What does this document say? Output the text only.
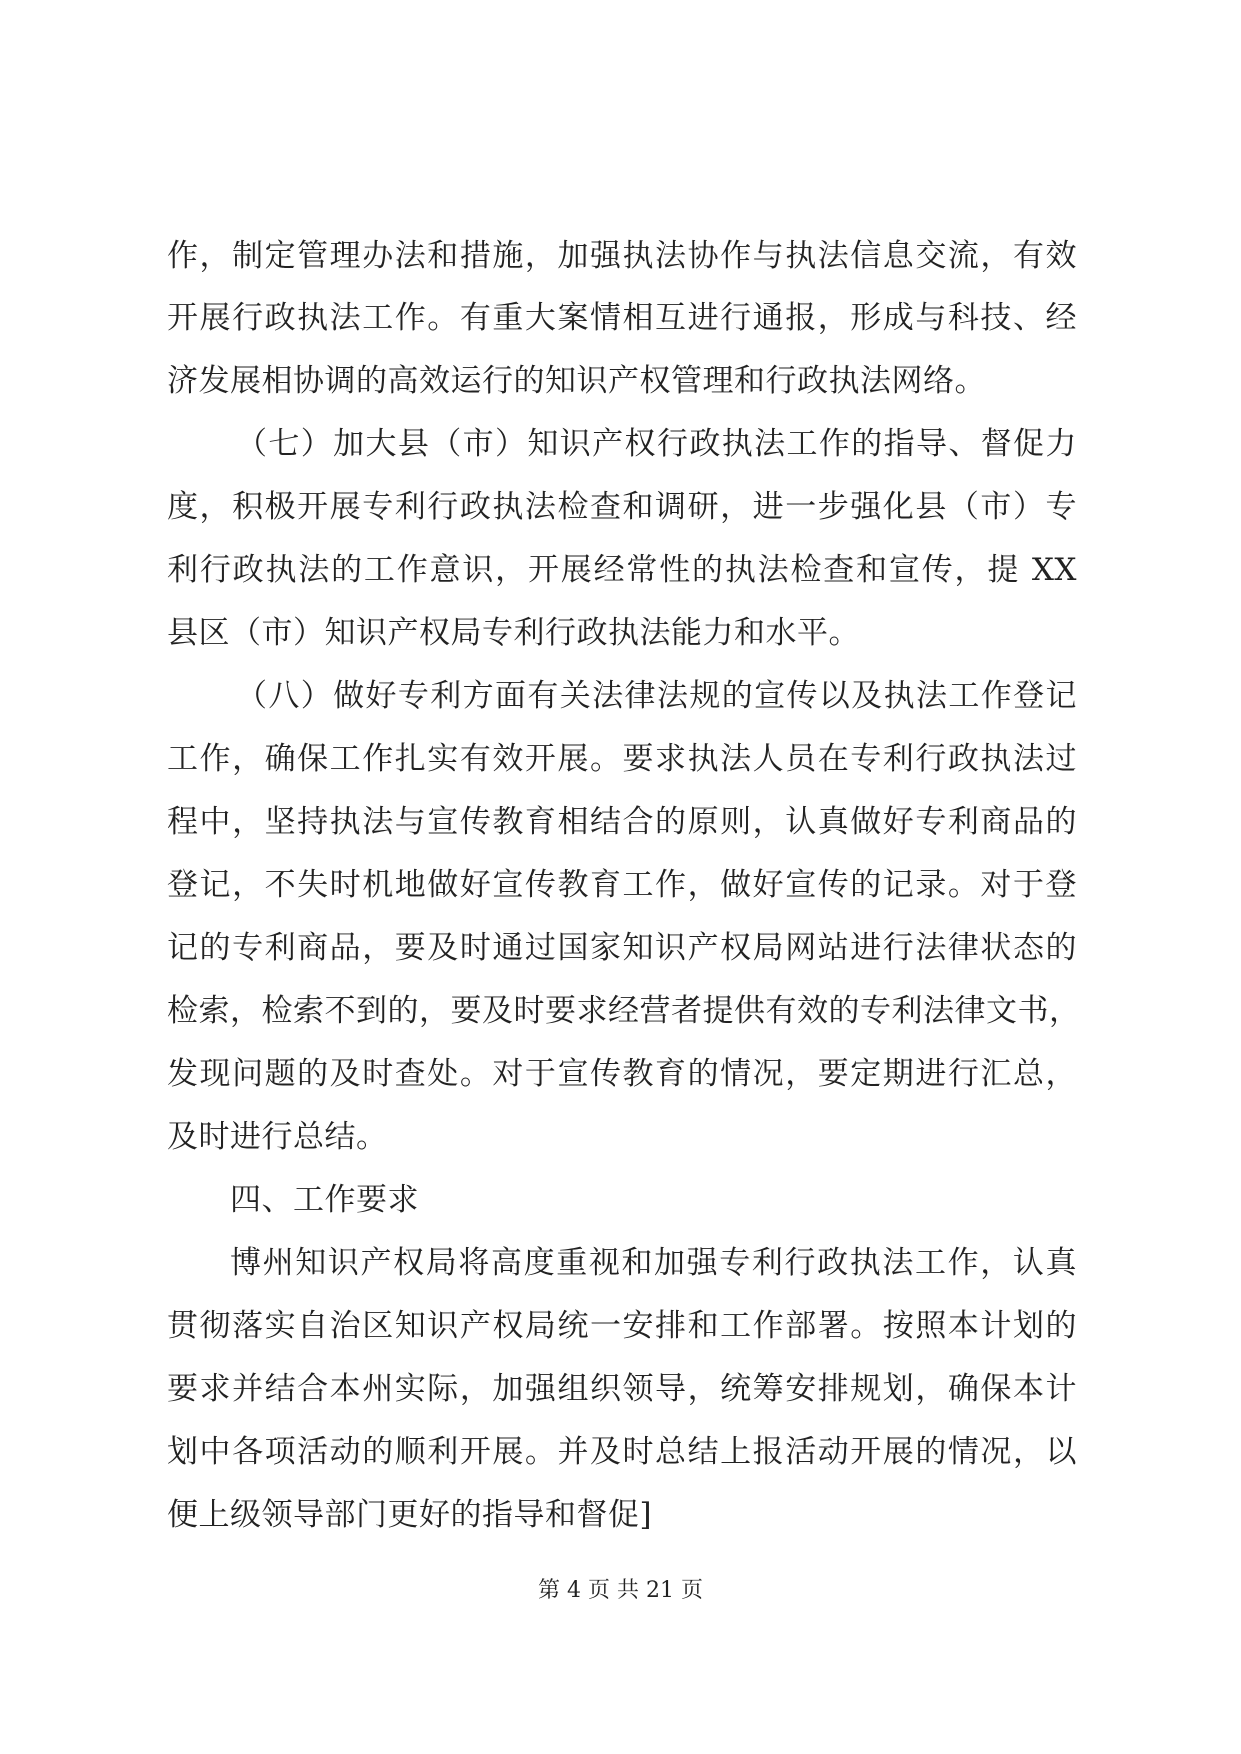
作，制定管理办法和措施，加强执法协作与执法信息交流，有效
开展行政执法工作。有重大案情相互进行通报，形成与科技、经
济发展相协调的高效运行的知识产权管理和行政执法网络。
（七）加大县（市）知识产权行政执法工作的指导、督促力
度，积极开展专利行政执法检查和调研，进一步强化县（市）专
利行政执法的工作意识，开展经常性的执法检查和宣传，提 XX
县区（市）知识产权局专利行政执法能力和水平。
（八）做好专利方面有关法律法规的宣传以及执法工作登记
工作，确保工作扎实有效开展。要求执法人员在专利行政执法过
程中，坚持执法与宣传教育相结合的原则，认真做好专利商品的
登记，不失时机地做好宣传教育工作，做好宣传的记录。对于登
记的专利商品，要及时通过国家知识产权局网站进行法律状态的
检索，检索不到的，要及时要求经营者提供有效的专利法律文书，
发现问题的及时查处。对于宣传教育的情况，要定期进行汇总，
及时进行总结。
四、工作要求
博州知识产权局将高度重视和加强专利行政执法工作，认真
贯彻落实自治区知识产权局统一安排和工作部署。按照本计划的
要求并结合本州实际，加强组织领导，统筹安排规划，确保本计
划中各项活动的顺利开展。并及时总结上报活动开展的情况，以
便上级领导部门更好的指导和督促]
第 4 页 共 21 页
